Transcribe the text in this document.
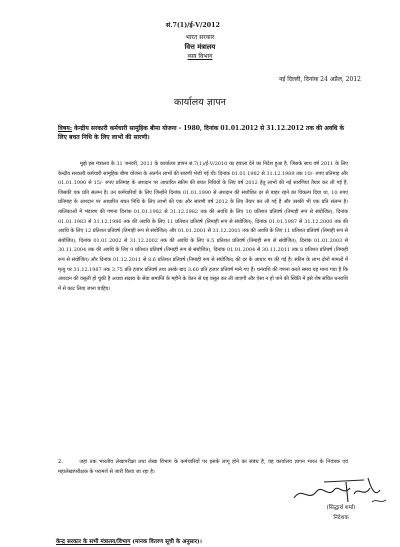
सं.7(1)/ई-V/2012
भारत सरकार
वित्त मंत्रालय
व्यय विभाग
नई दिल्ली, दिनांक 24 अप्रैल, 2012
कार्यालय ज्ञापन
विषय: केन्द्रीय सरकारी कर्मचारी सामूहिक बीमा योजना - 1980, दिनांक 01.01.2012 से 31.12.2012 तक की अवधि के लिए बचत निधि के लिए लाभों की सारणी।

मुझे इस मंत्रालय के 31 जनवरी, 2011 के कार्यालय ज्ञापन सं.7(1)/ई-V/2010 का हवाला देने का निदेश हुआ है, जिसके साथ वर्ष 2011 के लिए केन्द्रीय सरकारी कर्मचारी सामूहिक बीमा योजना के अंतर्गत लाभों की सारणी भेजी गई थी। दिनांक 01.01.1982 से 31.12.1989 तक 10/- रुपए प्रतिमाह और 01.01.1990 से 15/- रुपए प्रतिमाह के अंशदान पर आधारित स्कीम की बचत निधियों के लिए वर्ष 2012 हेतु लाभों की नई सारणियां तैयार कर ली गई हैं, जिसकी एक प्रति संलग्न है। उन कर्मचारियों के लिए जिन्होंने दिनांक 01.01.1990 से अंशदान की संशोधित दर से बाहर रहने का विकल्प दिया था, 10 रुपए प्रतिमाह के अंशदान पर आधारित बचत निधि के लिए लाभों की एक और सारणी वर्ष 2012 के लिए तैयार कर ली गई है और उसकी भी एक प्रति संलग्न है। तालिकाओं में भंडारण की गणना दिनांक 01.01.1982 से 31.12.1982 तक की अवधि के लिए 10 प्रतिशत प्रतिवर्ष (तिमाही रूप से संयोजित), दिनांक 01.01.1983 से 31.12.1986 तक की अवधि के लिए 11 प्रतिशत प्रतिवर्ष (तिमाही रूप से संयोजित), दिनांक 01.01.1987 से 31.12.2000 तक की अवधि के लिए 12 प्रतिशत प्रतिवर्ष (तिमाही रूप से संयोजित) और 01.01.2001 से 31.12.2001 तक की अवधि के लिए 11 प्रतिशत प्रतिवर्ष (तिमाही रूप से संयोजित), दिनांक 01.01.2002 से 31.12.2002 तक की अवधि के लिए 9.5 प्रतिशत प्रतिवर्ष (तिमाही रूप से संयोजित), दिनांक 01.01.2003 से 30.11.2004 तक की अवधि के लिए 9 प्रतिशत प्रतिवर्ष (तिमाही रूप से संयोजित), दिनांक 01.01.2004 से 30.11.2011 तक 8 प्रतिशत प्रतिवर्ष (तिमाही रूप से संयोजित) और दिनांक 01.12.2011 से 8.6 प्रतिशत प्रतिवर्ष (तिमाही रूप से संयोजित) की दर के आधार पर की गई है। स्कीम के लाभ दोनों मामलों में मृत्यु पर 31.12.1987 तक 3.75 प्रति हजार प्रतिवर्ष तथा उसके बाद 3.60 प्रति हजार प्रतिवर्ष माने गए हैं। धनराशि की गणना करते समय यह माना गया है कि अंशदान की वसूली हो चुकी है अथवा सदस्य के सेवा समाप्ति के महीने के वेतन से यह वसूल कर ली जाएगी और ऐसा न हो पाने की स्थिति में इसे शेष संचित धनराशि में से काट लिया जाना चाहिए।

2.	जहां तक भारतीय लेखापरीक्षा तथा लेखा विभाग के कर्मचारियों पर इसके लागू होने का संबंध है, यह कार्यालय ज्ञापन भारत के नियंत्रक एवं महालेखापरीक्षक के परामर्श से जारी किया जा रहा है।
(सिद्धार्थ शर्मा)
निदेशक
केन्द्र सरकार के सभी मंत्रालय/विभाग (मानक वितरण सूची के अनुसार)।
